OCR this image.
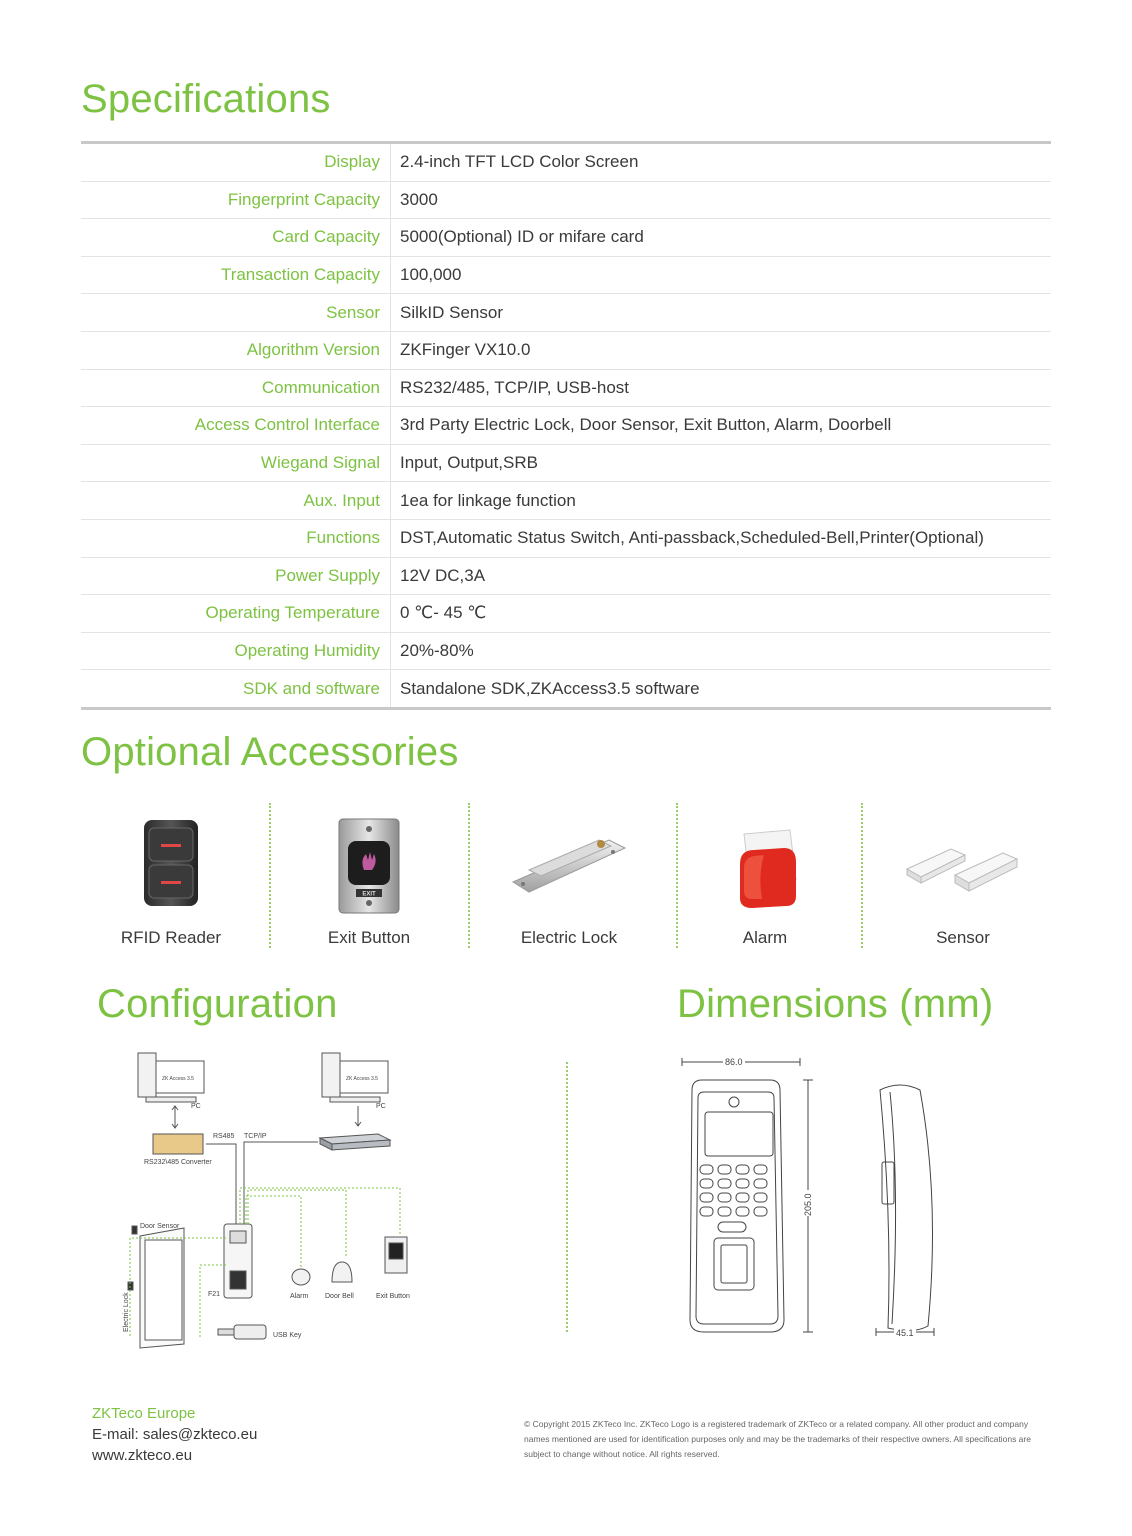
Specifications
Display	2.4-inch TFT LCD Color Screen
Fingerprint Capacity	3000
Card Capacity	5000(Optional) ID or mifare card
Transaction Capacity	100,000
Sensor	SilkID Sensor
Algorithm Version	ZKFinger VX10.0
Communication	RS232/485, TCP/IP, USB-host
Access Control Interface	3rd Party Electric Lock, Door Sensor, Exit Button, Alarm, Doorbell
Wiegand Signal	Input, Output,SRB
Aux. Input	1ea for linkage function
Functions	DST,Automatic Status Switch, Anti-passback,Scheduled-Bell,Printer(Optional)
Power Supply	12V DC,3A
Operating Temperature	0 ℃- 45 ℃
Operating Humidity	20%-80%
SDK and software	Standalone SDK,ZKAccess3.5 software
Optional Accessories
RFID Reader
EXIT
Exit Button	Electric Lock	Alarm	Sensor
Configuration
ZK Access 3.5	ZK Access 3.5
PC	PC
RS485 TCP/IP
RS232\485 Converter
Door Sensor
Electric Lock	F21	Alarm Door Bell	Exit Button
USB Key
Dimensions (mm)
86.0
205.0
45.1
ZKTeco Europe
E-mail: sales@zkteco.eu
www.zkteco.eu
© Copyright 2015 ZKTeco Inc. ZKTeco Logo is a registered trademark of ZKTeco or a related company. All other product and company names mentioned are used for identification purposes only and may be the trademarks of their respective owners. All specifications are subject to change without notice. All rights reserved.
